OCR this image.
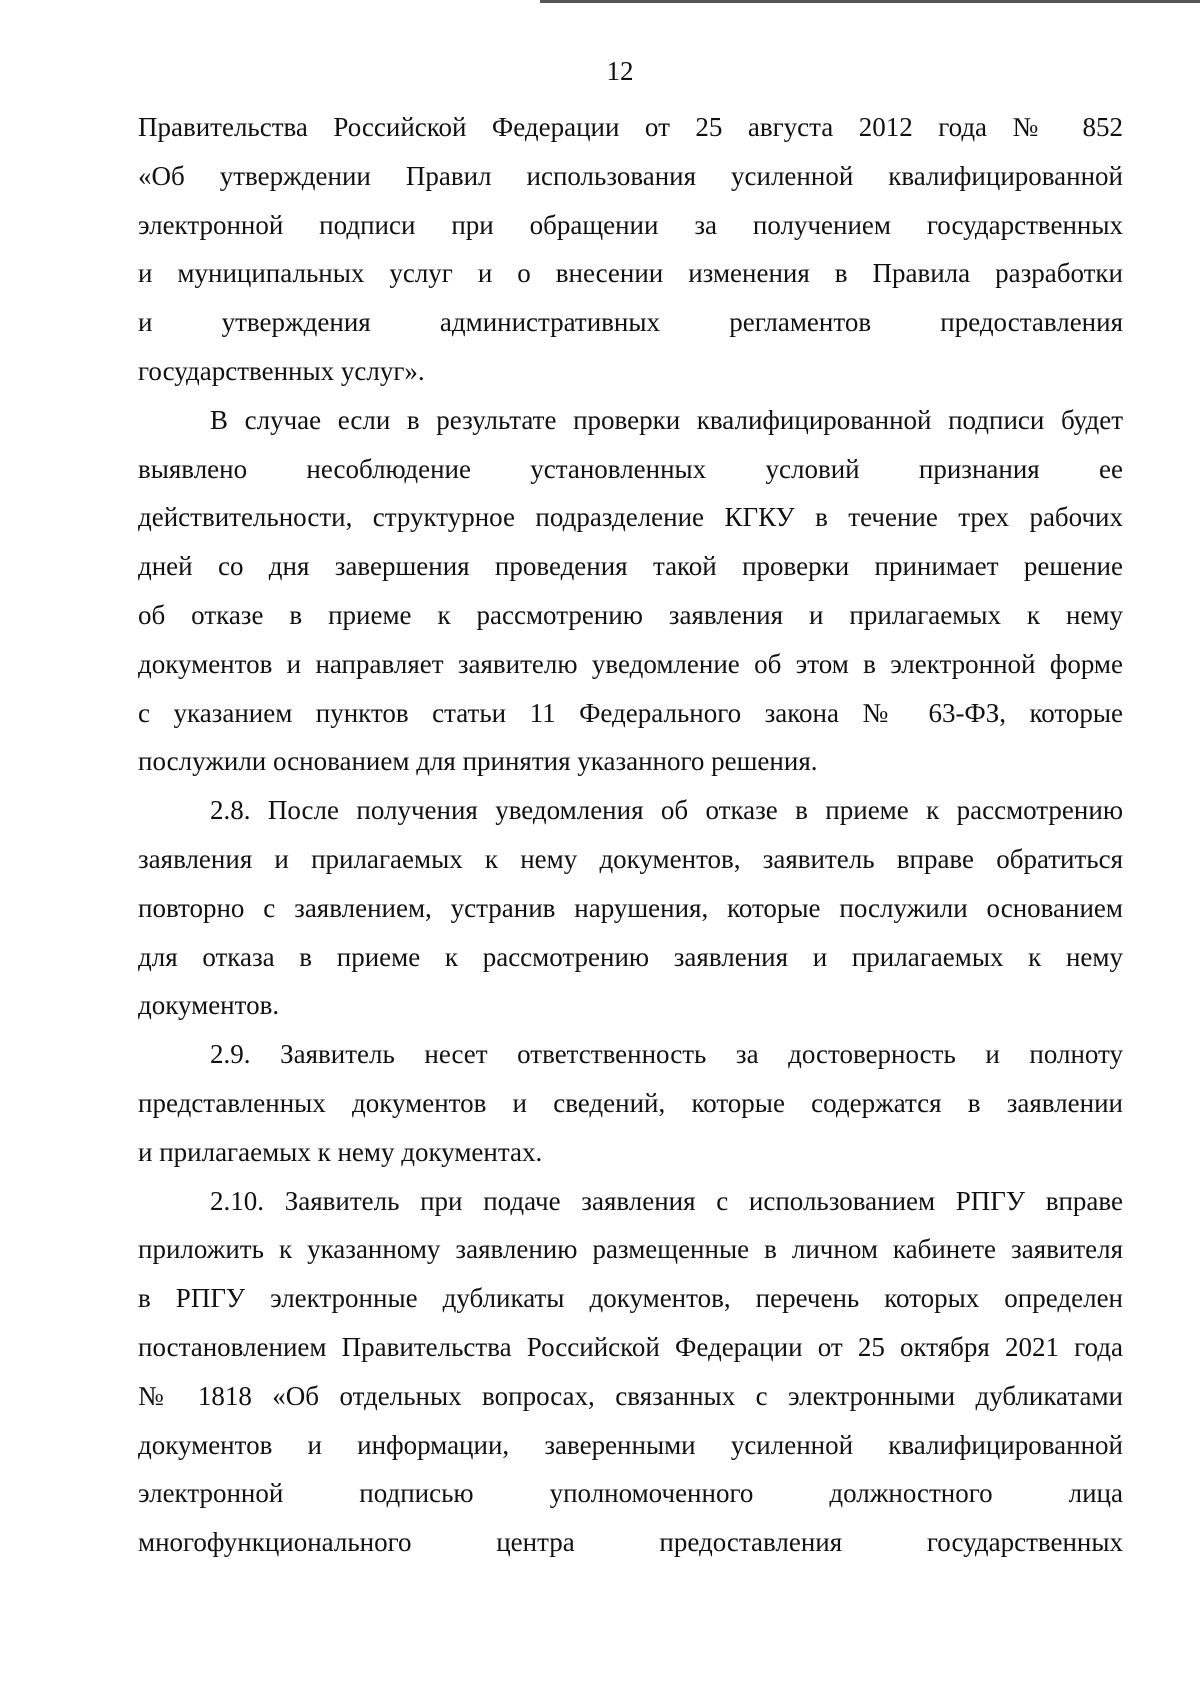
12
Правительства Российской Федерации от 25 августа 2012 года № 852
«Об утверждении Правил использования усиленной квалифицированной
электронной подписи при обращении за получением государственных
и муниципальных услуг и о внесении изменения в Правила разработки
и утверждения административных регламентов предоставления
государственных услуг».
В случае если в результате проверки квалифицированной подписи будет
выявлено несоблюдение установленных условий признания ее
действительности, структурное подразделение КГКУ в течение трех рабочих
дней со дня завершения проведения такой проверки принимает решение
об отказе в приеме к рассмотрению заявления и прилагаемых к нему
документов и направляет заявителю уведомление об этом в электронной форме
с указанием пунктов статьи 11 Федерального закона № 63-ФЗ, которые
послужили основанием для принятия указанного решения.
2.8. После получения уведомления об отказе в приеме к рассмотрению
заявления и прилагаемых к нему документов, заявитель вправе обратиться
повторно с заявлением, устранив нарушения, которые послужили основанием
для отказа в приеме к рассмотрению заявления и прилагаемых к нему
документов.
2.9. Заявитель несет ответственность за достоверность и полноту
представленных документов и сведений, которые содержатся в заявлении
и прилагаемых к нему документах.
2.10. Заявитель при подаче заявления с использованием РПГУ вправе
приложить к указанному заявлению размещенные в личном кабинете заявителя
в РПГУ электронные дубликаты документов, перечень которых определен
постановлением Правительства Российской Федерации от 25 октября 2021 года
№ 1818 «Об отдельных вопросах, связанных с электронными дубликатами
документов и информации, заверенными усиленной квалифицированной
электронной подписью уполномоченного должностного лица
многофункционального центра предоставления государственных
